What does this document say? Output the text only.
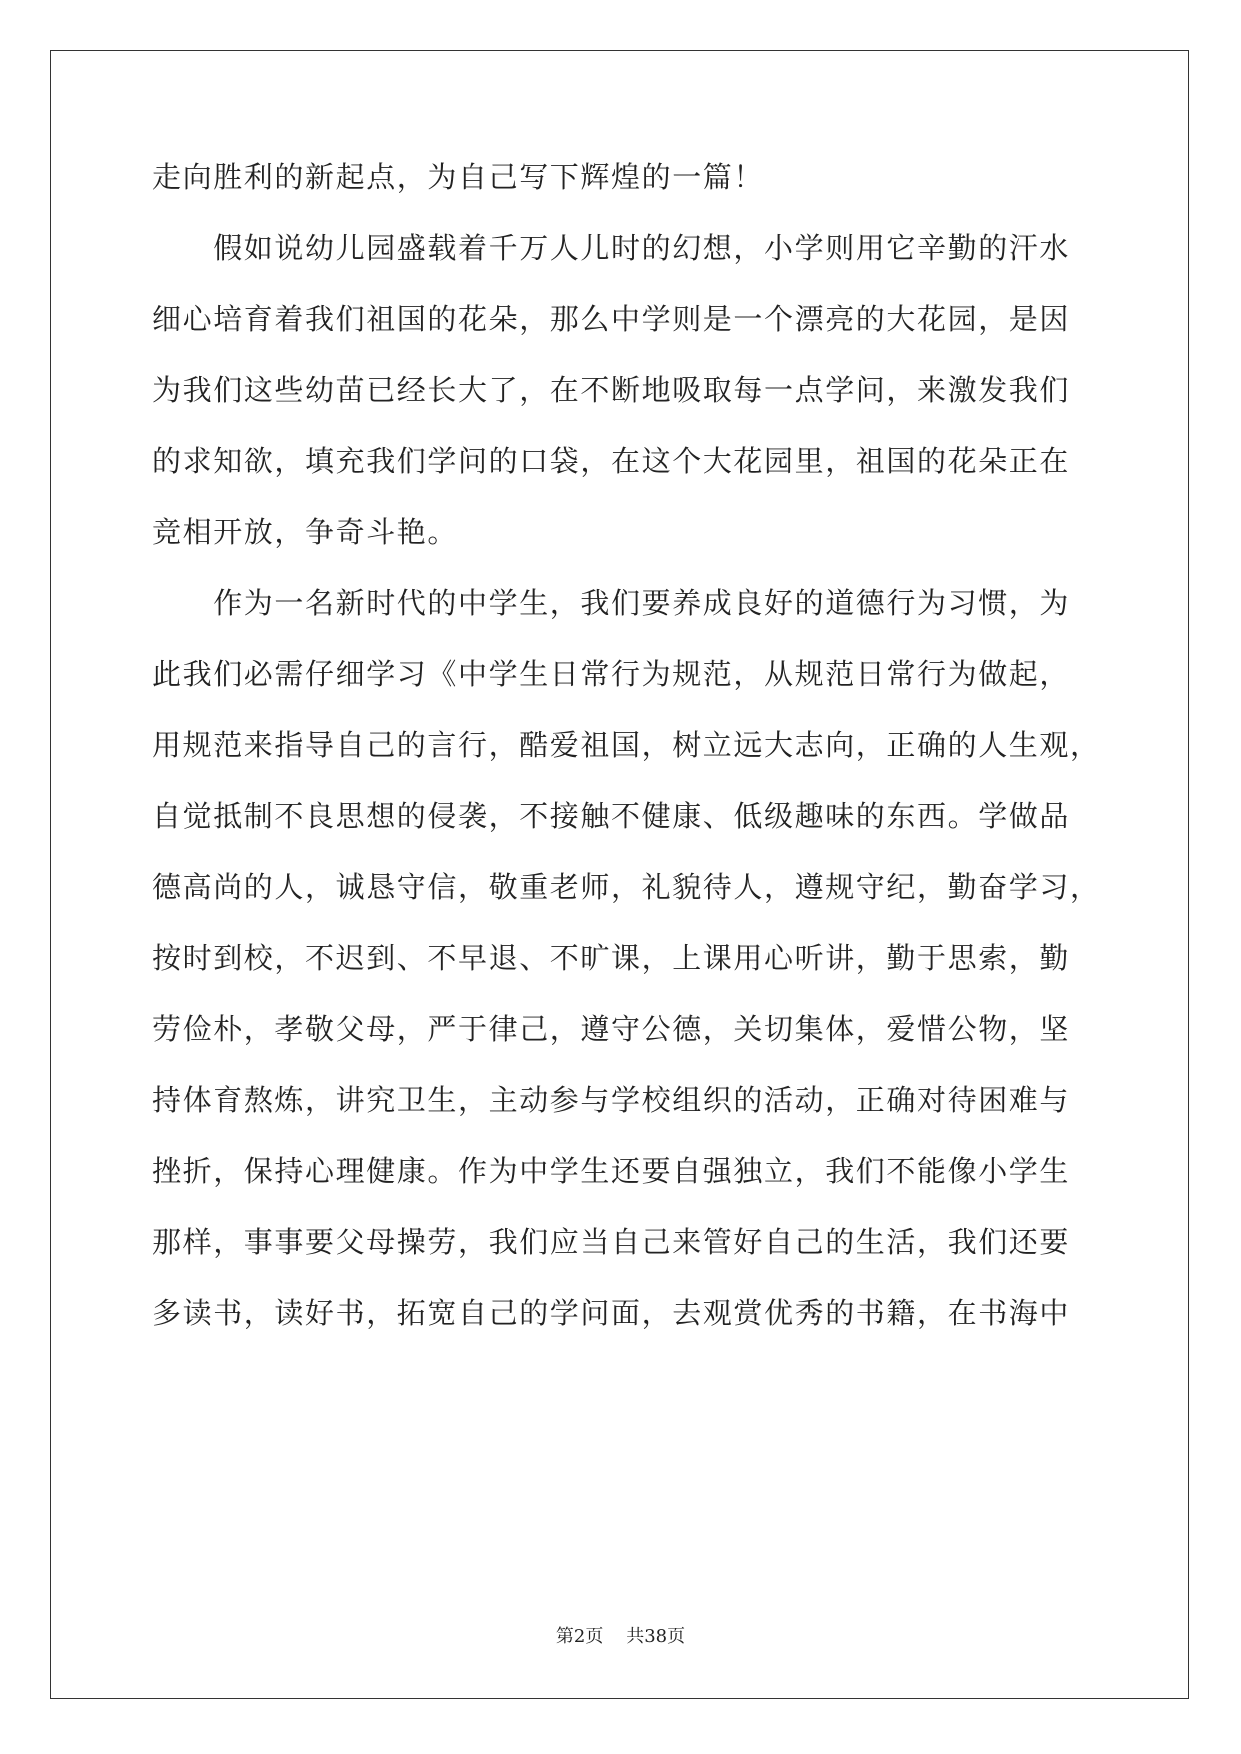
走向胜利的新起点，为自己写下辉煌的一篇！
　　假如说幼儿园盛载着千万人儿时的幻想，小学则用它辛勤的汗水
细心培育着我们祖国的花朵，那么中学则是一个漂亮的大花园，是因
为我们这些幼苗已经长大了，在不断地吸取每一点学问，来激发我们
的求知欲，填充我们学问的口袋，在这个大花园里，祖国的花朵正在
竞相开放，争奇斗艳。
　　作为一名新时代的中学生，我们要养成良好的道德行为习惯，为
此我们必需仔细学习《中学生日常行为规范，从规范日常行为做起，
用规范来指导自己的言行，酷爱祖国，树立远大志向，正确的人生观，
自觉抵制不良思想的侵袭，不接触不健康、低级趣味的东西。学做品
德高尚的人，诚恳守信，敬重老师，礼貌待人，遵规守纪，勤奋学习，
按时到校，不迟到、不早退、不旷课，上课用心听讲，勤于思索，勤
劳俭朴，孝敬父母，严于律己，遵守公德，关切集体，爱惜公物，坚
持体育熬炼，讲究卫生，主动参与学校组织的活动，正确对待困难与
挫折，保持心理健康。作为中学生还要自强独立，我们不能像小学生
那样，事事要父母操劳，我们应当自己来管好自己的生活，我们还要
多读书，读好书，拓宽自己的学问面，去观赏优秀的书籍，在书海中
第2页 共38页
